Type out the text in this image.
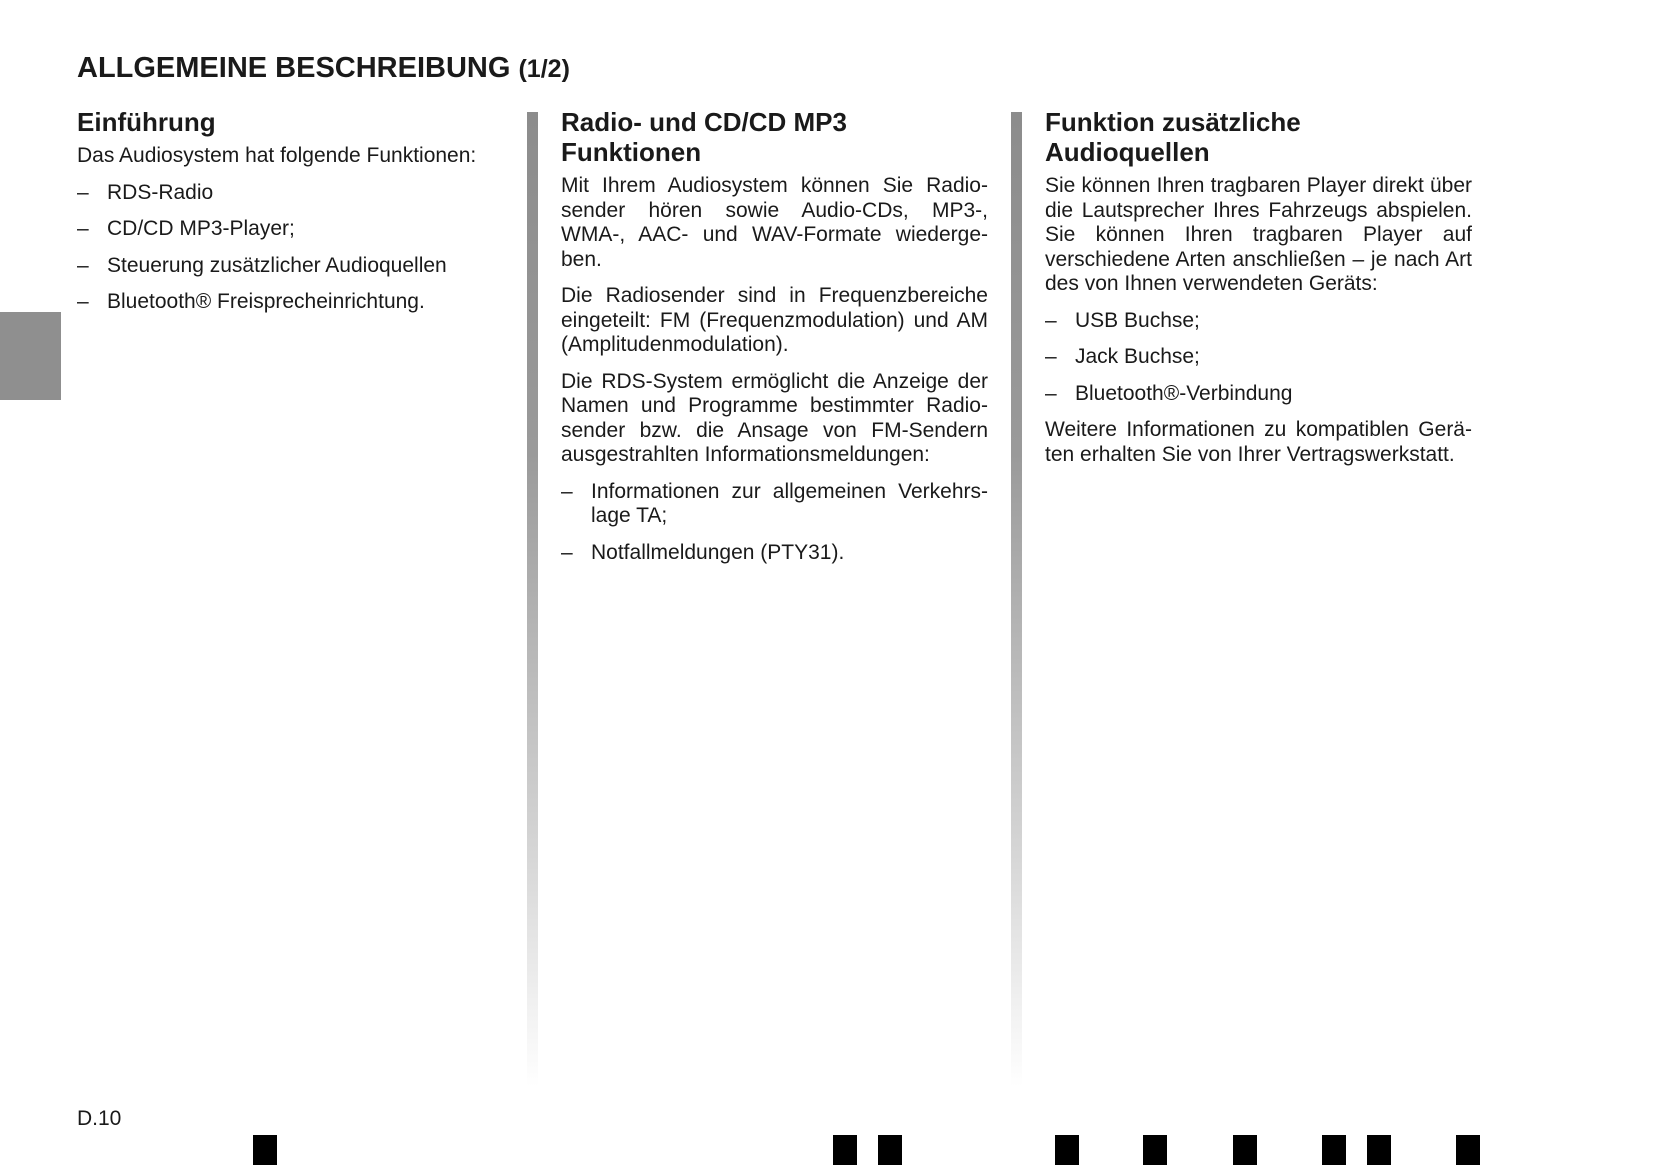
ALLGEMEINE BESCHREIBUNG (1/2)
Einführung

Das Audiosystem hat folgende Funktionen:

– RDS-Radio
– CD/CD MP3-Player;
– Steuerung zusätzlicher Audioquellen
– Bluetooth® Freisprecheinrichtung.
Radio- und CD/CD MP3
Funktionen

Mit Ihrem Audiosystem können Sie Radiosender hören sowie Audio-CDs, MP3-, WMA-, AAC- und WAV-Formate wiedergeben.

Die Radiosender sind in Frequenzbereiche eingeteilt: FM (Frequenzmodulation) und AM (Amplitudenmodulation).

Die RDS-System ermöglicht die Anzeige der Namen und Programme bestimmter Radiosender bzw. die Ansage von FM-Sendern ausgestrahlten Informationsmeldungen:

– Informationen zur allgemeinen Verkehrslage TA;
– Notfallmeldungen (PTY31).
Funktion zusätzliche
Audioquellen

Sie können Ihren tragbaren Player direkt über die Lautsprecher Ihres Fahrzeugs abspielen. Sie können Ihren tragbaren Player auf verschiedene Arten anschließen – je nach Art des von Ihnen verwendeten Geräts:

– USB Buchse;
– Jack Buchse;
– Bluetooth®-Verbindung

Weitere Informationen zu kompatiblen Geräten erhalten Sie von Ihrer Vertragswerkstatt.

D.10
